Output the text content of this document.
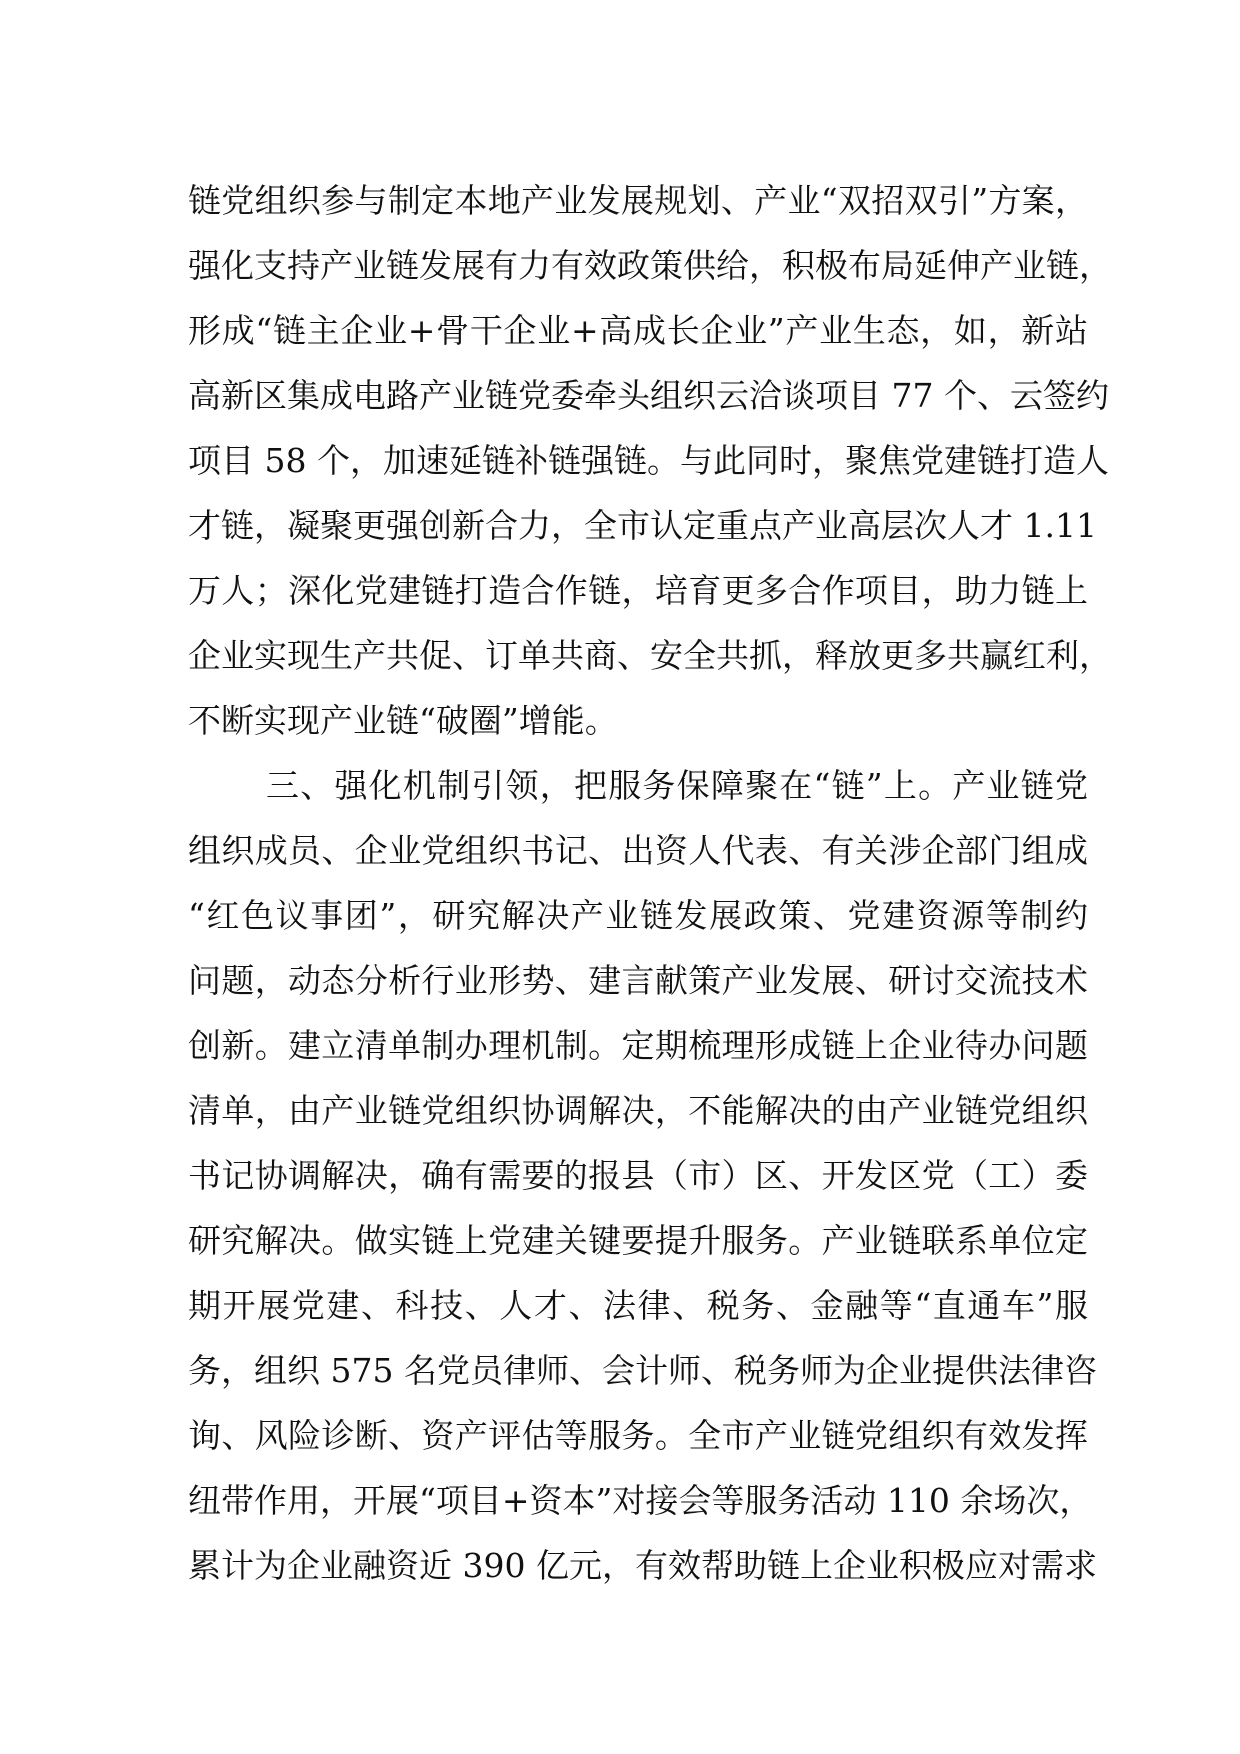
链党组织参与制定本地产业发展规划、产业“双招双引”方案，
强化支持产业链发展有力有效政策供给，积极布局延伸产业链，
形成“链主企业+骨干企业+高成长企业”产业生态，如，新站
高新区集成电路产业链党委牵头组织云洽谈项目 77 个、云签约
项目 58 个，加速延链补链强链。与此同时，聚焦党建链打造人
才链，凝聚更强创新合力，全市认定重点产业高层次人才 1.11
万人；深化党建链打造合作链，培育更多合作项目，助力链上
企业实现生产共促、订单共商、安全共抓，释放更多共赢红利，
不断实现产业链“破圈”增能。
三、强化机制引领，把服务保障聚在“链”上。产业链党
组织成员、企业党组织书记、出资人代表、有关涉企部门组成
“红色议事团”，研究解决产业链发展政策、党建资源等制约
问题，动态分析行业形势、建言献策产业发展、研讨交流技术
创新。建立清单制办理机制。定期梳理形成链上企业待办问题
清单，由产业链党组织协调解决，不能解决的由产业链党组织
书记协调解决，确有需要的报县（市）区、开发区党（工）委
研究解决。做实链上党建关键要提升服务。产业链联系单位定
期开展党建、科技、人才、法律、税务、金融等“直通车”服
务，组织 575 名党员律师、会计师、税务师为企业提供法律咨
询、风险诊断、资产评估等服务。全市产业链党组织有效发挥
纽带作用，开展“项目+资本”对接会等服务活动 110 余场次，
累计为企业融资近 390 亿元，有效帮助链上企业积极应对需求
